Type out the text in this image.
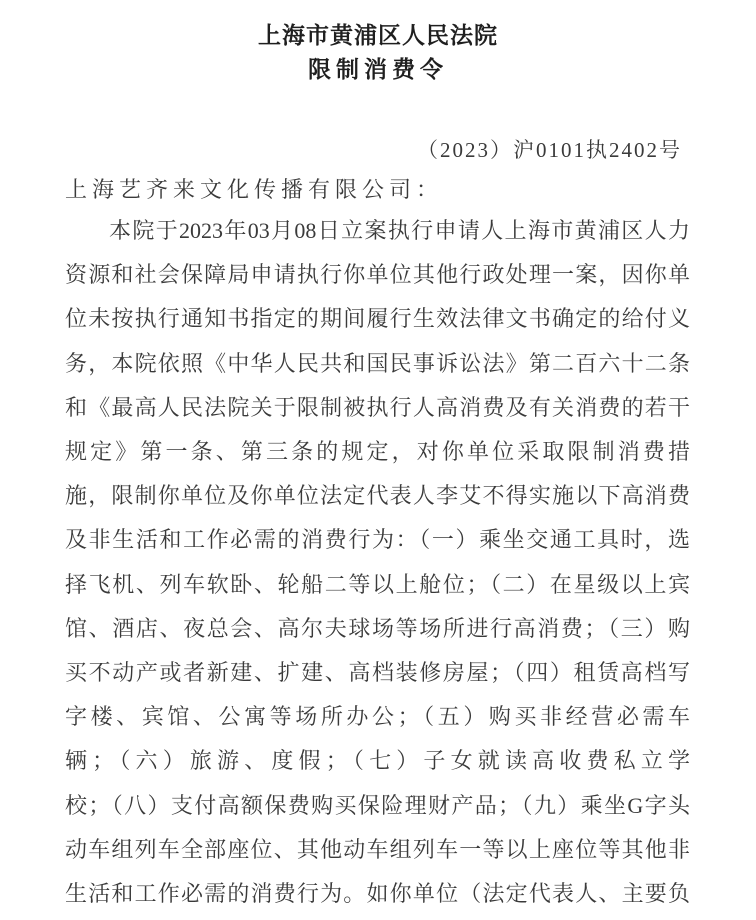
上海市黄浦区人民法院
限制消费令
（2023）沪0101执2402号
上海艺齐来文化传播有限公司：
本院于2023年03月08日立案执行申请人上海市黄浦区人力
资源和社会保障局申请执行你单位其他行政处理一案，因你单
位未按执行通知书指定的期间履行生效法律文书确定的给付义
务，本院依照《中华人民共和国民事诉讼法》第二百六十二条
和《最高人民法院关于限制被执行人高消费及有关消费的若干
规定》第一条、第三条的规定，对你单位采取限制消费措
施，限制你单位及你单位法定代表人李艾不得实施以下高消费
及非生活和工作必需的消费行为：（一）乘坐交通工具时，选
择飞机、列车软卧、轮船二等以上舱位；（二）在星级以上宾
馆、酒店、夜总会、高尔夫球场等场所进行高消费；（三）购
买不动产或者新建、扩建、高档装修房屋；（四）租赁高档写
字楼、宾馆、公寓等场所办公；（五）购买非经营必需车
辆；（六）旅游、度假；（七）子女就读高收费私立学
校；（八）支付高额保费购买保险理财产品；（九）乘坐G字头
动车组列车全部座位、其他动车组列车一等以上座位等其他非
生活和工作必需的消费行为。如你单位（法定代表人、主要负
